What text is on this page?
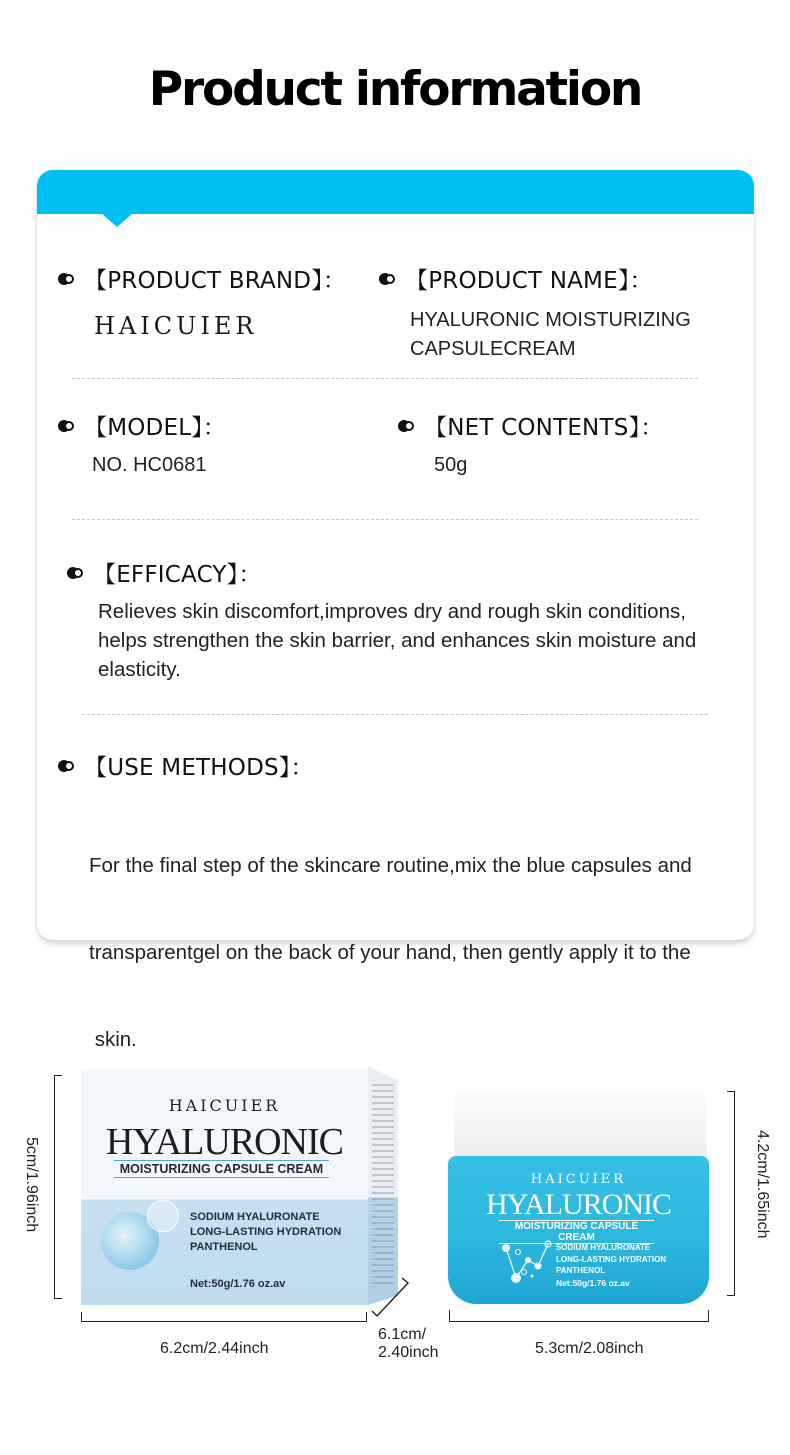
Product information
【PRODUCT BRAND】：
HAICUIER
【PRODUCT NAME】：
HYALURONIC MOISTURIZING
CAPSULECREAM
【MODEL】：
NO. HC0681
【NET CONTENTS】：
50g
【EFFICACY】：
Relieves skin discomfort,improves dry and rough skin conditions,
helps strengthen the skin barrier, and enhances skin moisture and
elasticity.
【USE METHODS】：

For the final step of the skincare routine,mix the blue capsules and

transparentgel on the back of your hand, then gently apply it to the

skin.

HAICUIER
HYALURONIC
MOISTURIZING CAPSULE CREAM
SODIUM HYALURONATE
LONG-LASTING HYDRATION
PANTHENOL
Net:50g/1.76 oz.av
5cm/1.96inch
6.2cm/2.44inch
6.1cm/
2.40inch
HAICUIER
HYALURONIC
MOISTURIZING CAPSULE CREAM
SODIUM HYALURONATE
LONG-LASTING HYDRATION
PANTHENOL
Net:50g/1.76 oz.av
4.2cm/1.65inch
5.3cm/2.08inch
